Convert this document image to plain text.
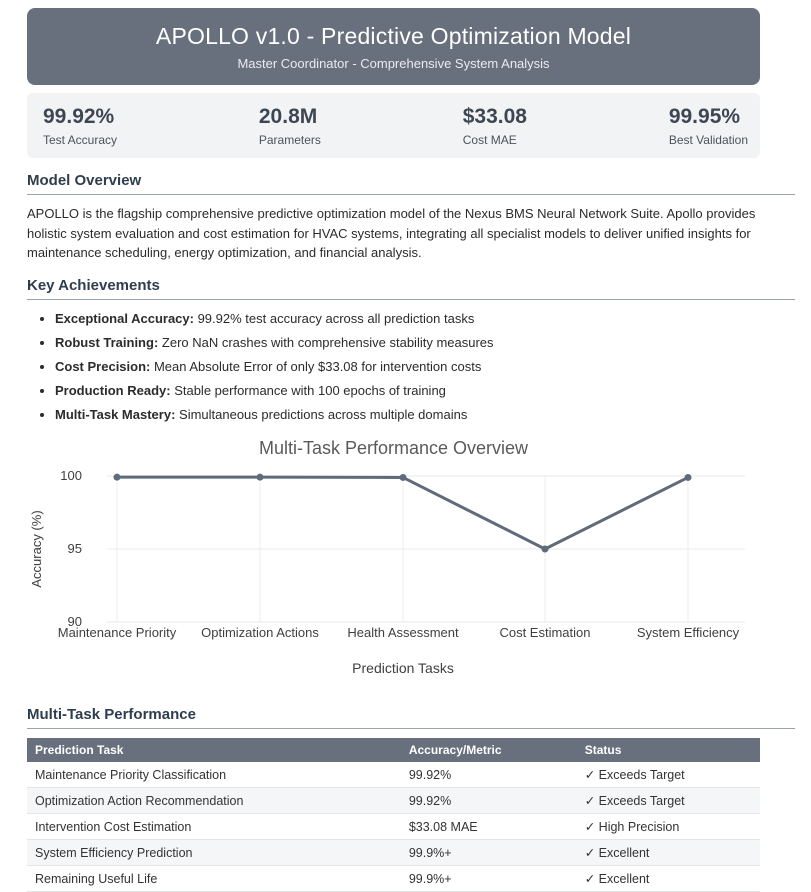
APOLLO v1.0 - Predictive Optimization Model
Master Coordinator - Comprehensive System Analysis
99.92%
Test Accuracy
20.8M
Parameters
$33.08
Cost MAE
99.95%
Best Validation
Model Overview

APOLLO is the flagship comprehensive predictive optimization model of the Nexus BMS Neural Network Suite. Apollo provides holistic system evaluation and cost estimation for HVAC systems, integrating all specialist models to deliver unified insights for maintenance scheduling, energy optimization, and financial analysis.

Key Achievements
• Exceptional Accuracy: 99.92% test accuracy across all prediction tasks
• Robust Training: Zero NaN crashes with comprehensive stability measures
• Cost Precision: Mean Absolute Error of only $33.08 for intervention costs
• Production Ready: Stable performance with 100 epochs of training
• Multi-Task Mastery: Simultaneous predictions across multiple domains
Multi-Task Performance Overview
100
95
90
Accuracy (%)
Maintenance Priority Optimization Actions Health Assessment	Cost Estimation	System Efficiency
Prediction Tasks
Multi-Task Performance
Prediction Task	Accuracy/Metric	Status
Maintenance Priority Classification	99.92%	✓ Exceeds Target
Optimization Action Recommendation	99.92%	✓ Exceeds Target
Intervention Cost Estimation	$33.08 MAE	✓ High Precision
System Efficiency Prediction	99.9%+	✓ Excellent
Remaining Useful Life	99.9%+	✓ Excellent
